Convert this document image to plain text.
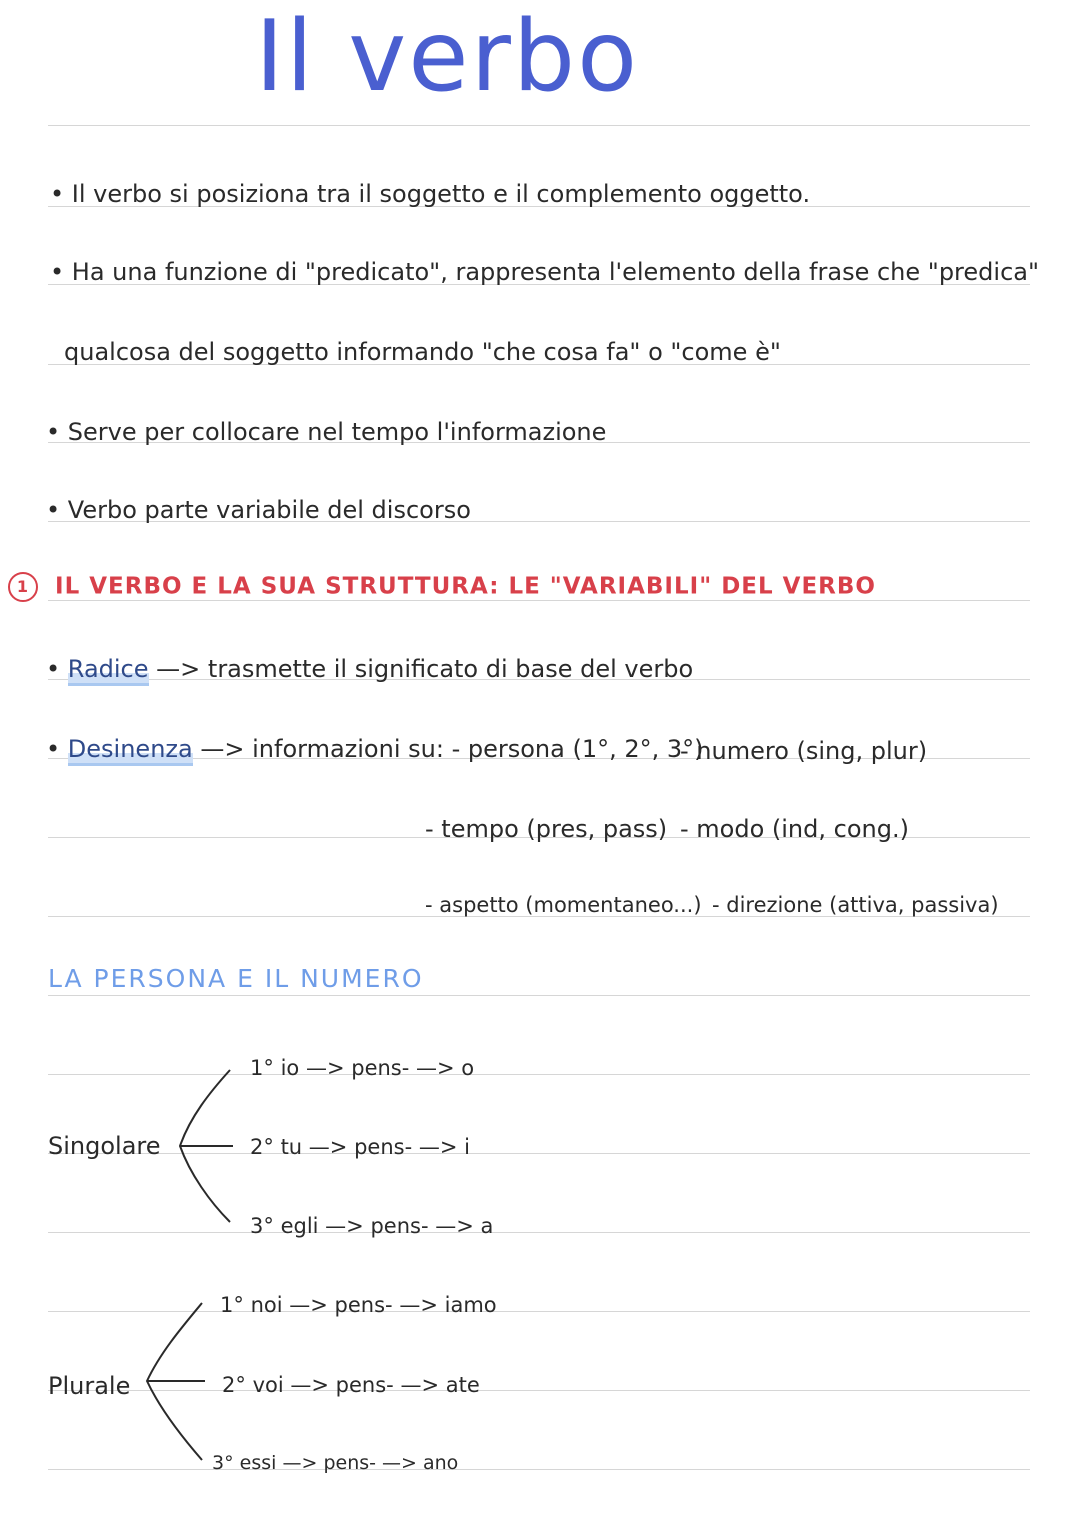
Il verbo
• Il verbo si posiziona tra il soggetto e il complemento oggetto.
• Ha una funzione di "predicato", rappresenta l'elemento della frase che "predica"
qualcosa del soggetto informando "che cosa fa" o "come è"
• Serve per collocare nel tempo l'informazione
• Verbo parte variabile del discorso
1 IL VERBO E LA SUA STRUTTURA: LE "VARIABILI" DEL VERBO
• Radice —> trasmette il significato di base del verbo
• Desinenza —> informazioni su: - persona (1°, 2°, 3°)
- numero (sing, plur)
- tempo (pres, pass) - modo (ind, cong.)
- aspetto (momentaneo...) - direzione (attiva, passiva)
LA PERSONA E IL NUMERO
Singolare
1° io —> pens- —> o
2° tu —> pens- —> i
3° egli —> pens- —> a
Plurale
1° noi —> pens- —> iamo
2° voi —> pens- —> ate
3° essi —> pens- —> ano
